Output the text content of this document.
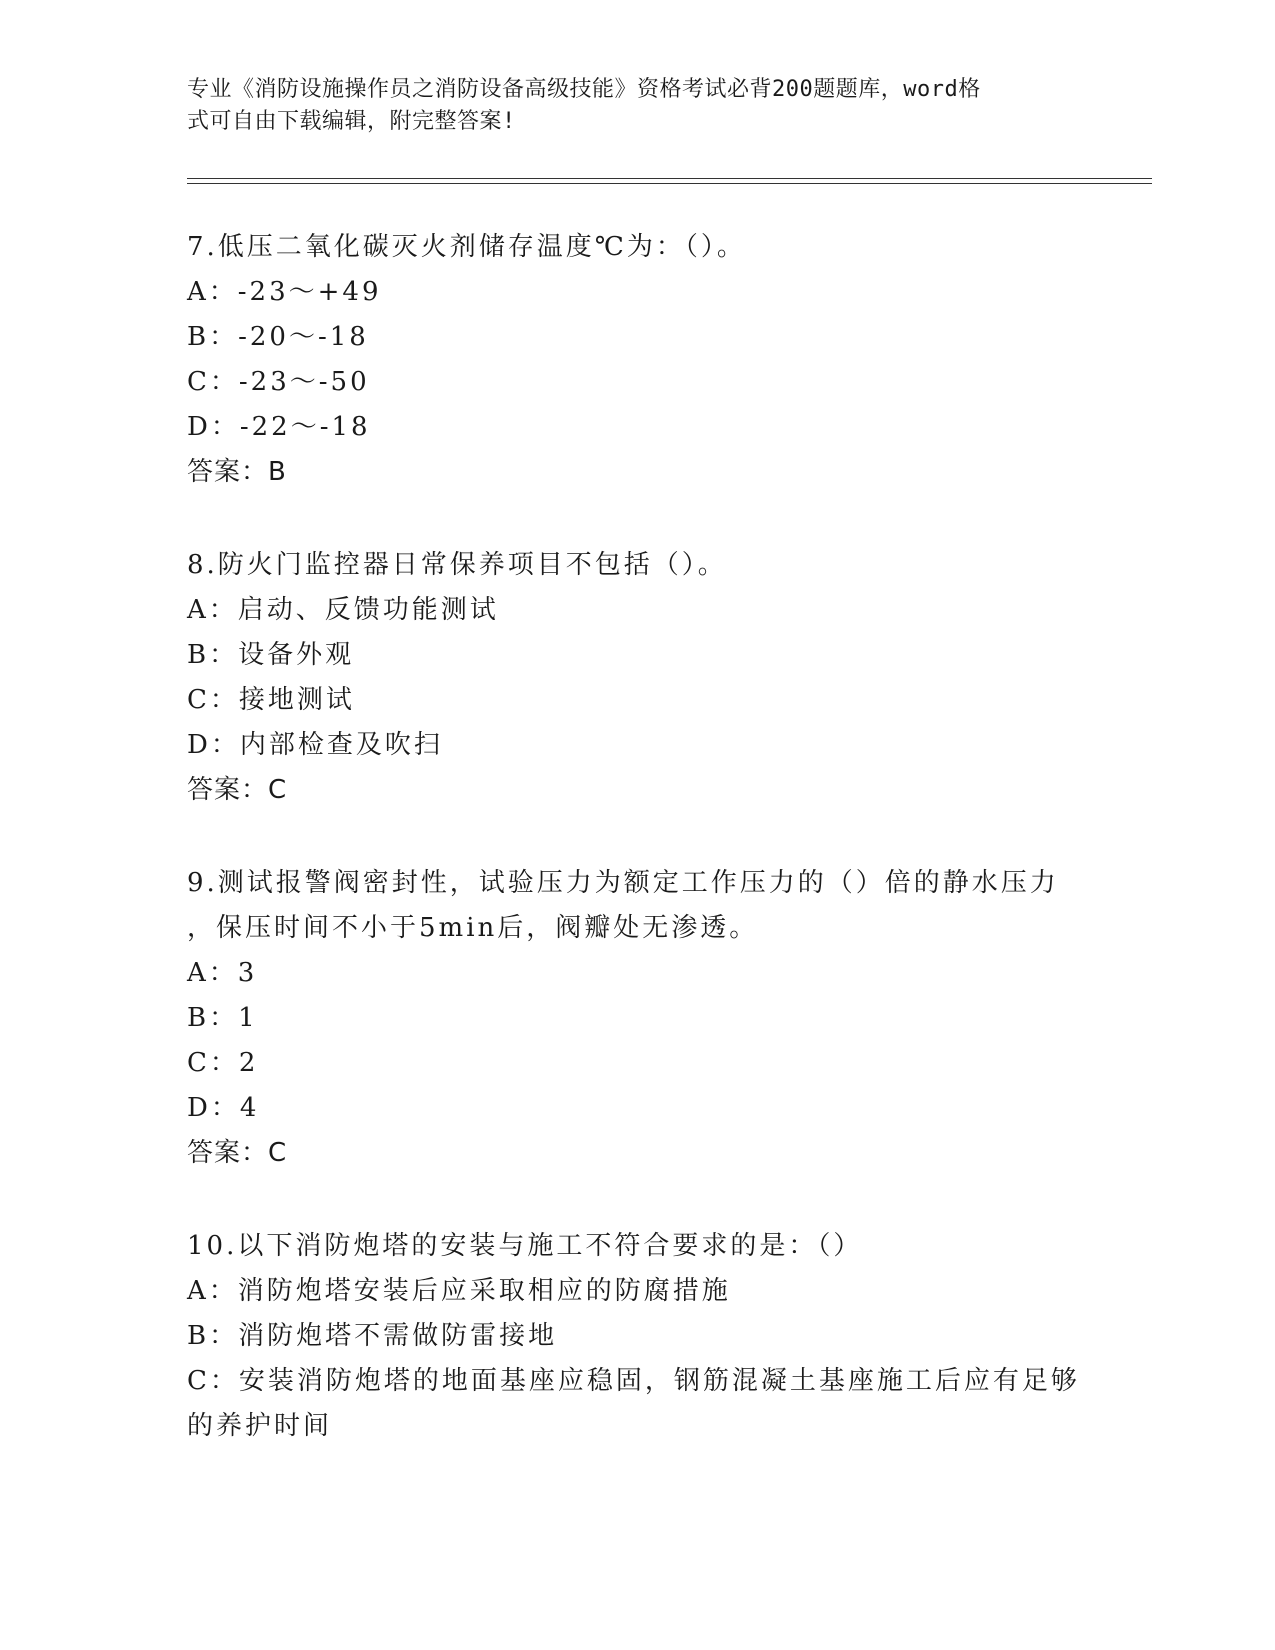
专业《消防设施操作员之消防设备高级技能》资格考试必背200题题库，word格
式可自由下载编辑，附完整答案!
7.低压二氧化碳灭火剂储存温度℃为：（）。
A：-23～+49
B：-20～-18
C：-23～-50
D：-22～-18
答案：B
8.防火门监控器日常保养项目不包括（）。
A：启动、反馈功能测试
B：设备外观
C：接地测试
D：内部检查及吹扫
答案：C
9.测试报警阀密封性，试验压力为额定工作压力的（）倍的静水压力
，保压时间不小于5min后，阀瓣处无渗透。
A：3
B：1
C：2
D：4
答案：C
10.以下消防炮塔的安装与施工不符合要求的是：（）
A：消防炮塔安装后应采取相应的防腐措施
B：消防炮塔不需做防雷接地
C：安装消防炮塔的地面基座应稳固，钢筋混凝土基座施工后应有足够
的养护时间
